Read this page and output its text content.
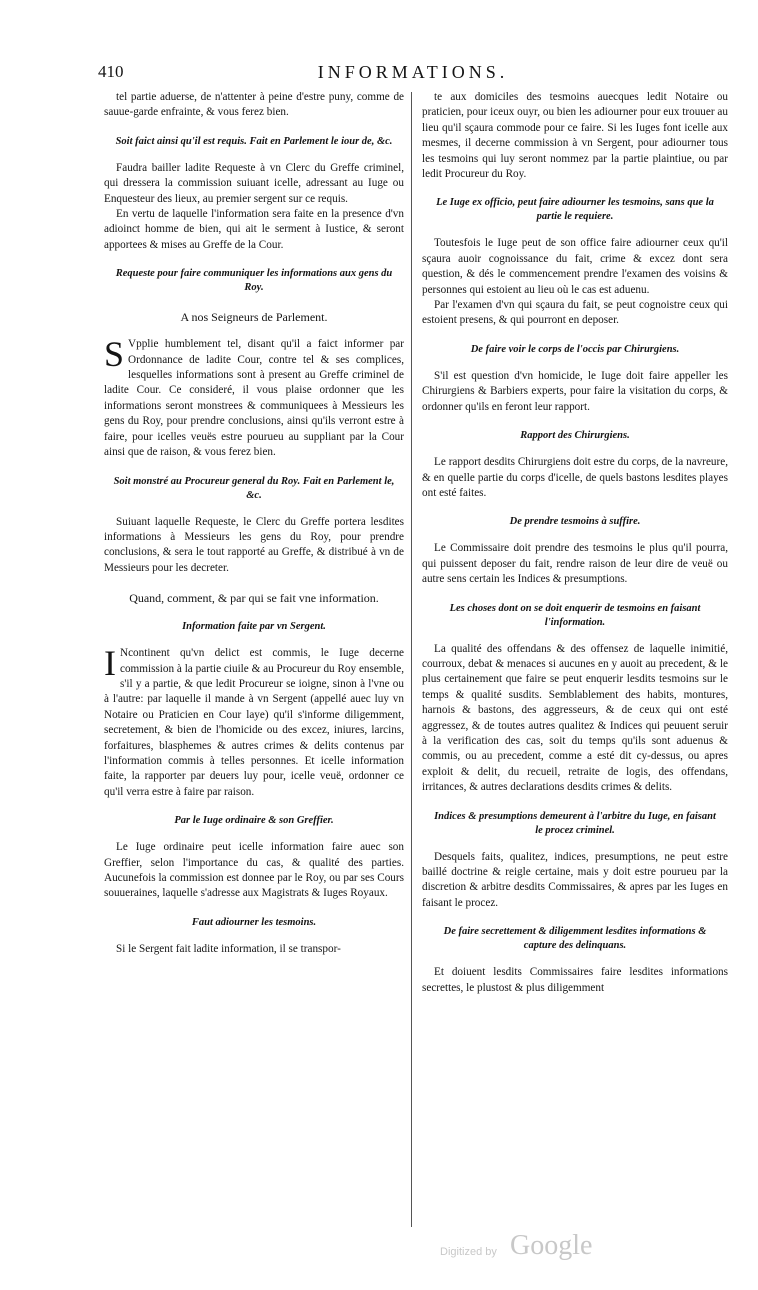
410	INFORMATIONS.

tel partie aduerse, de n'attenter à peine d'estre puny, comme de sauue-garde enfrainte, & vous ferez bien.

Soit faict ainsi qu'il est requis. Fait en Parlement le iour de, &c.

Faudra bailler ladite Requeste à vn Clerc du Greffe criminel, qui dressera la commission suiuant icelle, adressant au Iuge ou Enquesteur des lieux, au premier sergent sur ce requis.

En vertu de laquelle l'information sera faite en la presence d'vn adioinct homme de bien, qui ait le serment à Iustice, & seront apportees & mises au Greffe de la Cour.

Requeste pour faire communiquer les informations aux gens du Roy.

A nos Seigneurs de Parlement.

S Vpplie humblement tel, disant qu'il a faict informer par Ordonnance de ladite Cour, contre tel & ses complices, lesquelles informations sont à present au Greffe criminel de ladite Cour. Ce consideré, il vous plaise ordonner que les informations seront monstrees & communiquees à Messieurs les gens du Roy, pour prendre conclusions, ainsi qu'ils verront estre à faire, pour icelles veuës estre pourueu au suppliant par la Cour ainsi que de raison, & vous ferez bien.

Soit monstré au Procureur general du Roy. Fait en Parlement le, &c.

Suiuant laquelle Requeste, le Clerc du Greffe portera lesdites informations à Messieurs les gens du Roy, pour prendre conclusions, & sera le tout rapporté au Greffe, & distribué à vn de Messieurs pour les decreter.

Quand, comment, & par qui se fait vne information.

Information faite par vn Sergent.

I Ncontinent qu'vn delict est commis, le Iuge decerne commission à la partie ciuile & au Procureur du Roy ensemble, s'il y a partie, & que ledit Procureur se ioigne, sinon à l'vne ou à l'autre: par laquelle il mande à vn Sergent (appellé auec luy vn Notaire ou Praticien en Cour laye) qu'il s'informe diligemment, secretement, & bien de l'homicide ou des excez, iniures, larcins, forfaitures, blasphemes & autres crimes & delits contenus par l'information commis à telles personnes. Et icelle information faite, la rapporter par deuers luy pour, icelle veuë, ordonner ce qu'il verra estre à faire par raison.

Par le Iuge ordinaire & son Greffier.

Le Iuge ordinaire peut icelle information faire auec son Greffier, selon l'importance du cas, & qualité des parties. Aucunefois la commission est donnee par le Roy, ou par ses Cours souueraines, laquelle s'adresse aux Magistrats & Iuges Royaux.

Faut adiourner les tesmoins.

Si le Sergent fait ladite information, il se transpor-

te aux domiciles des tesmoins auecques ledit Notaire ou praticien, pour iceux ouyr, ou bien les adiourner pour eux trouuer au lieu qu'il sçaura commode pour ce faire. Si les Iuges font icelle aux mesmes, il decerne commission à vn Sergent, pour adiourner tous les tesmoins qui luy seront nommez par la partie plaintiue, ou par ledit Procureur du Roy.

Le Iuge ex officio, peut faire adiourner les tesmoins, sans que la partie le requiere.

Toutesfois le Iuge peut de son office faire adiourner ceux qu'il sçaura auoir cognoissance du fait, crime & excez dont sera question, & dés le commencement prendre l'examen des voisins & personnes qui estoient au lieu où le cas est aduenu.

Par l'examen d'vn qui sçaura du fait, se peut cognoistre ceux qui estoient presens, & qui pourront en deposer.

De faire voir le corps de l'occis par Chirurgiens.

S'il est question d'vn homicide, le Iuge doit faire appeller les Chirurgiens & Barbiers experts, pour faire la visitation du corps, & ordonner qu'ils en feront leur rapport.

Rapport des Chirurgiens.

Le rapport desdits Chirurgiens doit estre du corps, de la navreure, & en quelle partie du corps d'icelle, de quels bastons lesdites playes ont esté faites.

De prendre tesmoins à suffire.

Le Commissaire doit prendre des tesmoins le plus qu'il pourra, qui puissent deposer du fait, rendre raison de leur dire de veuë ou autre sens certain les Indices & presumptions.

Les choses dont on se doit enquerir de tesmoins en faisant l'information.

La qualité des offendans & des offensez de laquelle inimitié, courroux, debat & menaces si aucunes en y auoit au precedent, & le plus certainement que faire se peut enquerir lesdits tesmoins sur le temps & qualité susdits. Semblablement des habits, montures, harnois & bastons, des aggresseurs, & de ceux qui ont esté aggressez, & de toutes autres qualitez & Indices qui peuuent seruir à la verification des cas, soit du temps qu'ils sont aduenus & commis, ou au precedent, comme a esté dit cy-dessus, ou apres exploit & delit, du recueil, retraite de logis, des offendans, irritances, & autres declarations desdits crimes & delits.

Indices & presumptions demeurent à l'arbitre du Iuge, en faisant le procez criminel.

Desquels faits, qualitez, indices, presumptions, ne peut estre baillé doctrine & reigle certaine, mais y doit estre pourueu par la discretion & arbitre desdits Commissaires, & apres par les Iuges en faisant le procez.

De faire secrettement & diligemment lesdites informations & capture des delinquans.

Et doiuent lesdits Commissaires faire lesdites informations secrettes, le plustost & plus diligemment

Digitized by Google
